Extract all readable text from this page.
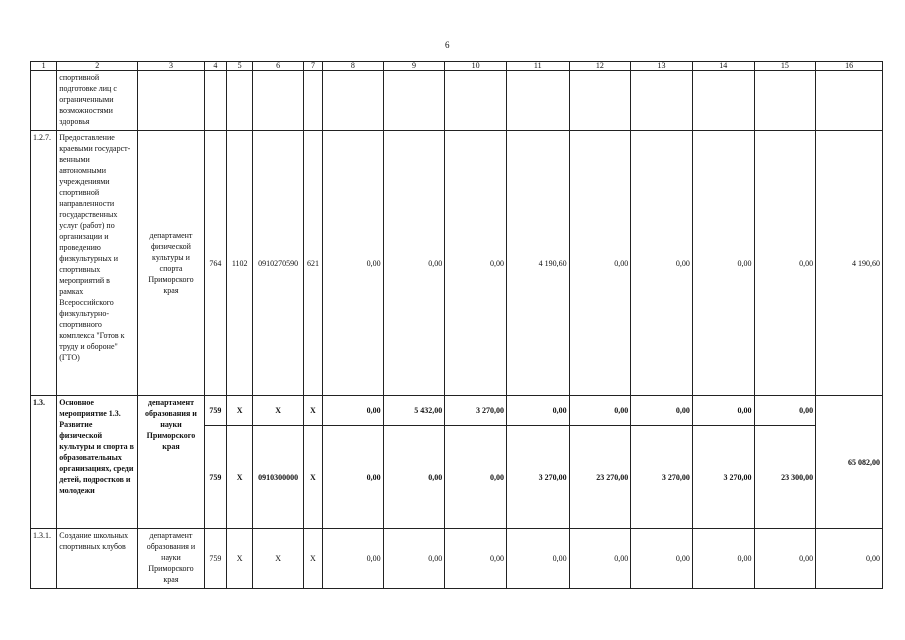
6
1	2	3	4	5	6	7	8	9	10	11	12	13	14	15	16
	спортивной подготовке лиц с ограниченными возможностями здоровья														
1.2.7.	Предоставление краевыми государст-венными автономными учреждениями спортивной направленности государственных услуг (работ) по организации и проведению физкультурных и спортивных мероприятий в рамках Всероссийского физкультурно-спортивного комплекса "Готов к труду и обороне" (ГТО)	департамент физической культуры и спорта Приморского края	764	1102	0910270590	621	0,00	0,00	0,00	4 190,60	0,00	0,00	0,00	0,00	4 190,60
1.3.	Основное мероприятие 1.3. Развитие физической культуры и спорта в образовательных организациях, среди детей, подростков и молодежи	департамент образования и науки Приморского края	759	X	X	X	0,00	5 432,00	3 270,00	0,00	0,00	0,00	0,00	0,00	65 082,00
			759	X	0910300000	X	0,00	0,00	0,00	3 270,00	23 270,00	3 270,00	3 270,00	23 300,00	
1.3.1.	Создание школьных спортивных клубов	департамент образования и науки Приморского края	759	X	X	X	0,00	0,00	0,00	0,00	0,00	0,00	0,00	0,00	0,00
